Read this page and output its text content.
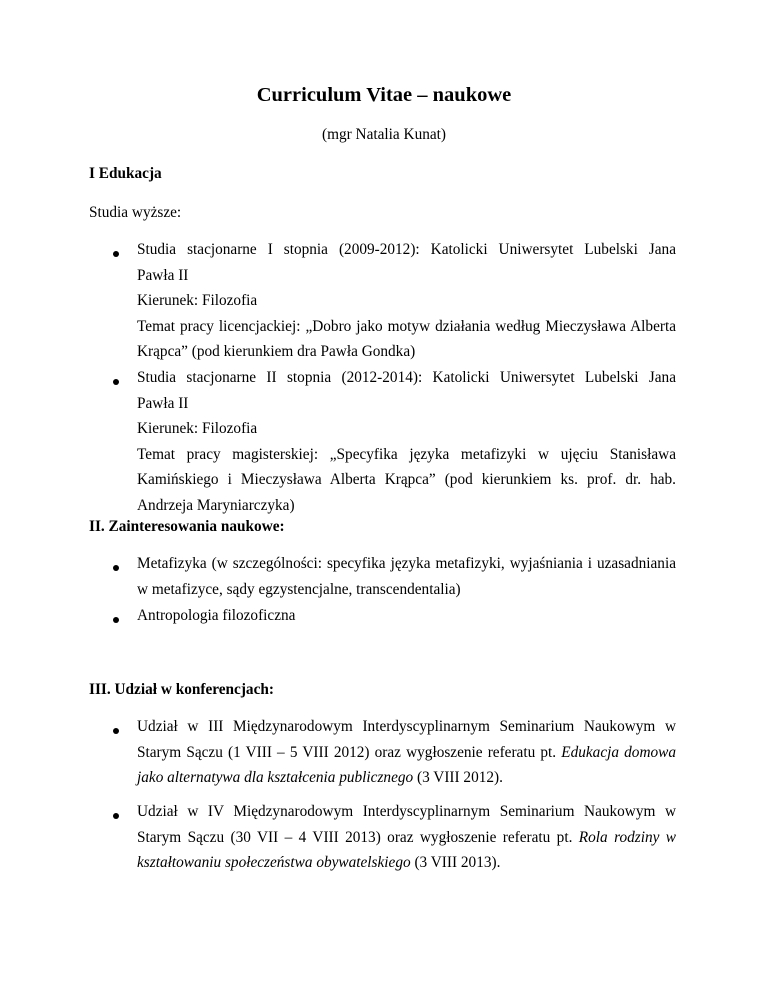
Curriculum Vitae – naukowe
(mgr Natalia Kunat)
I Edukacja
Studia wyższe:
Studia stacjonarne I stopnia (2009-2012): Katolicki Uniwersytet Lubelski Jana
Pawła II
Kierunek: Filozofia
Temat pracy licencjackiej: „Dobro jako motyw działania według Mieczysława Alberta
Krąpca” (pod kierunkiem dra Pawła Gondka)
Studia stacjonarne II stopnia (2012-2014): Katolicki Uniwersytet Lubelski Jana
Pawła II
Kierunek: Filozofia
Temat pracy magisterskiej: „Specyfika języka metafizyki w ujęciu Stanisława
Kamińskiego i Mieczysława Alberta Krąpca” (pod kierunkiem ks. prof. dr. hab.
Andrzeja Maryniarczyka)
II. Zainteresowania naukowe:
Metafizyka (w szczególności: specyfika języka metafizyki, wyjaśniania i uzasadniania
w metafizyce, sądy egzystencjalne, transcendentalia)
Antropologia filozoficzna
III. Udział w konferencjach:
Udział w III Międzynarodowym Interdyscyplinarnym Seminarium Naukowym w
Starym Sączu (1 VIII – 5 VIII 2012) oraz wygłoszenie referatu pt. Edukacja domowa
jako alternatywa dla kształcenia publicznego (3 VIII 2012).
Udział w IV Międzynarodowym Interdyscyplinarnym Seminarium Naukowym w
Starym Sączu (30 VII – 4 VIII 2013) oraz wygłoszenie referatu pt. Rola rodziny w
kształtowaniu społeczeństwa obywatelskiego (3 VIII 2013).
